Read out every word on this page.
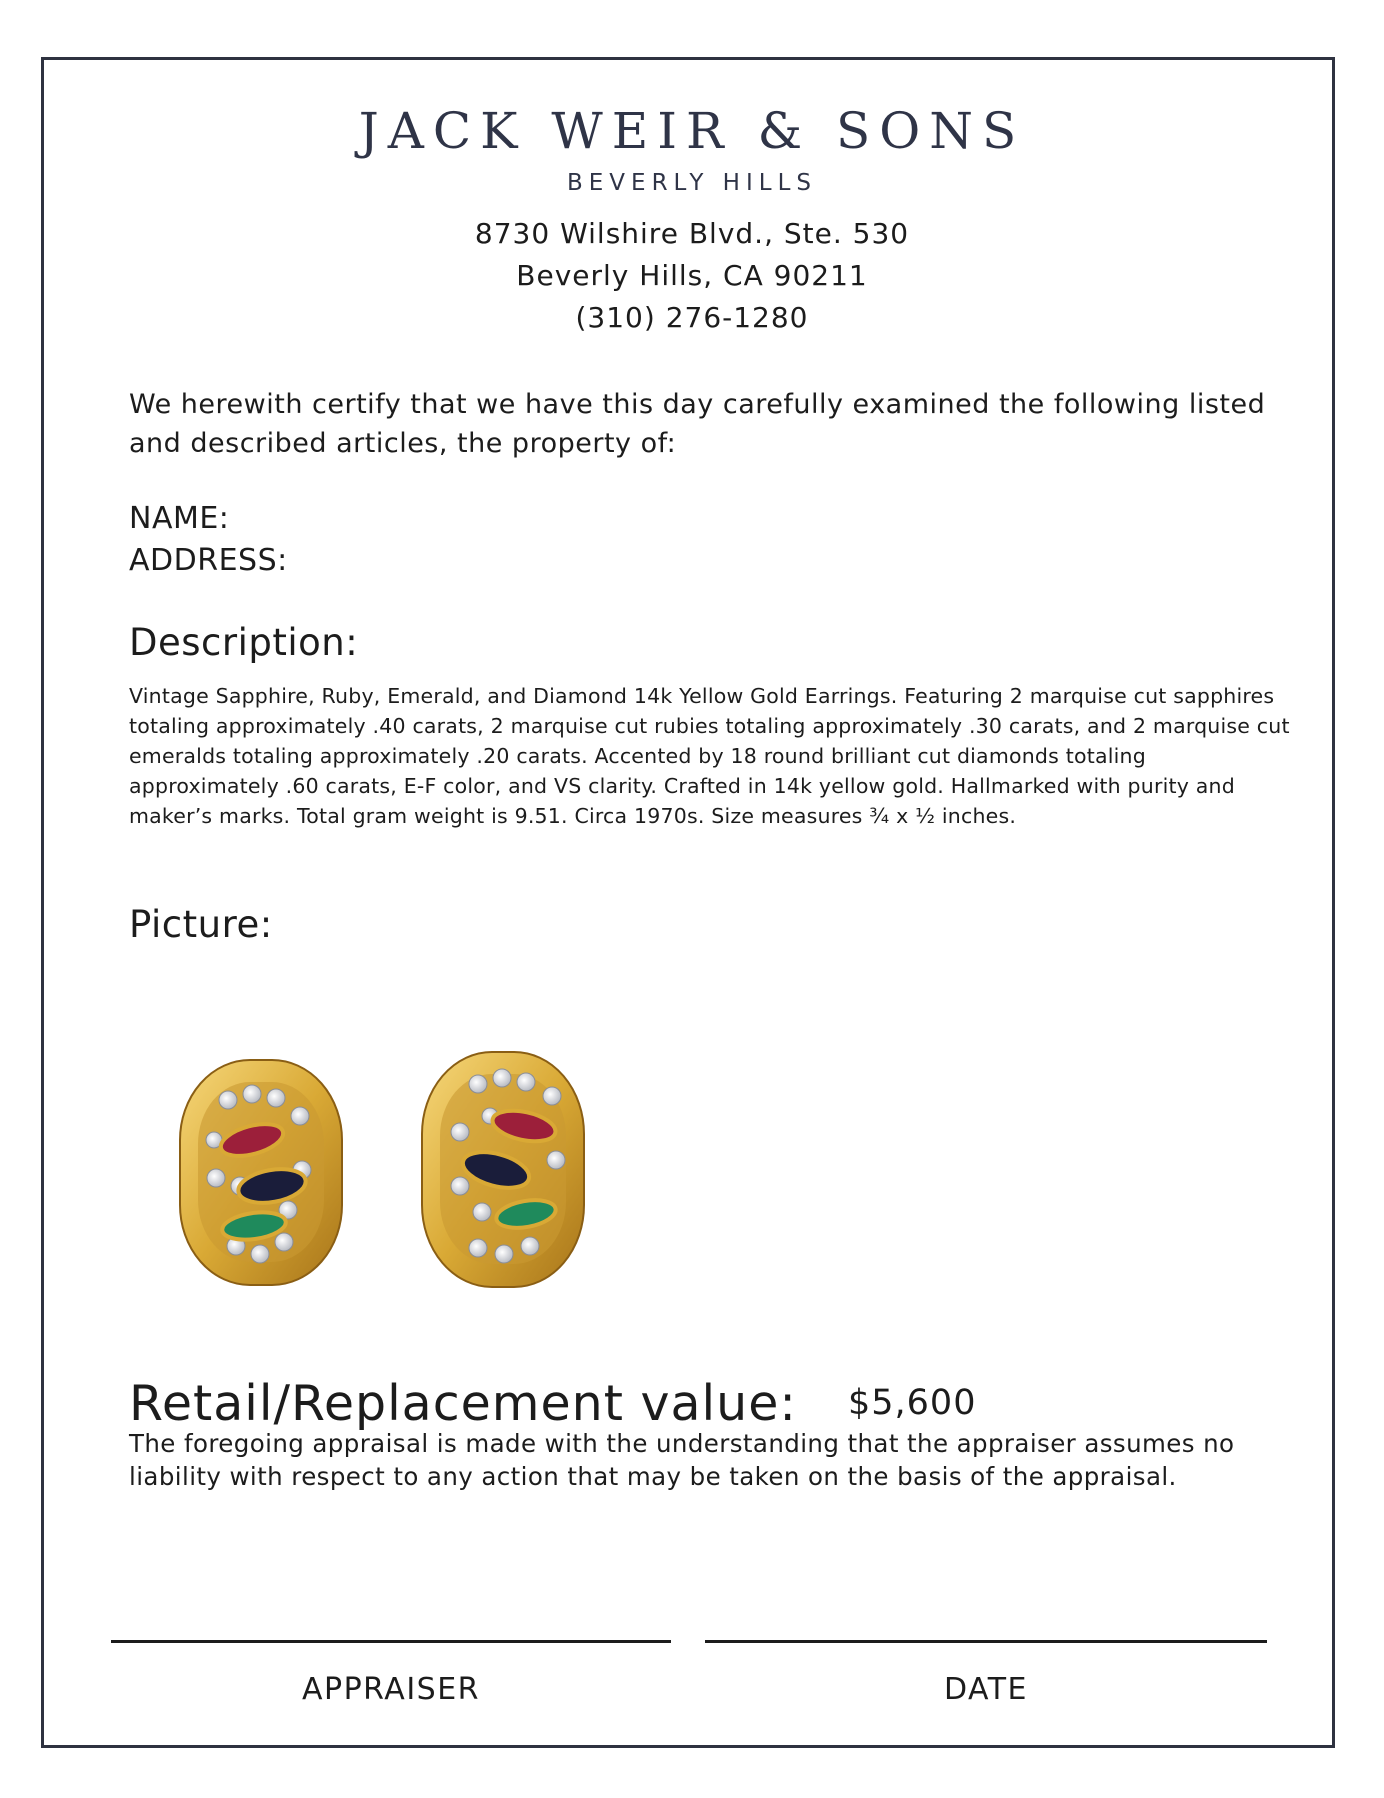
JACK WEIR & SONS
BEVERLY HILLS
8730 Wilshire Blvd., Ste. 530
Beverly Hills, CA 90211
(310) 276-1280
We herewith certify that we have this day carefully examined the following listed and described articles, the property of:
NAME:
ADDRESS:
Description:
Vintage Sapphire, Ruby, Emerald, and Diamond 14k Yellow Gold Earrings. Featuring 2 marquise cut sapphires totaling approximately .40 carats, 2 marquise cut rubies totaling approximately .30 carats, and 2 marquise cut emeralds totaling approximately .20 carats. Accented by 18 round brilliant cut diamonds totaling approximately .60 carats, E-F color, and VS clarity. Crafted in 14k yellow gold. Hallmarked with purity and maker’s marks. Total gram weight is 9.51. Circa 1970s. Size measures ¾ x ½ inches.
Picture:
Retail/Replacement value: $5,600
The foregoing appraisal is made with the understanding that the appraiser assumes no liability with respect to any action that may be taken on the basis of the appraisal.
APPRAISER	DATE
